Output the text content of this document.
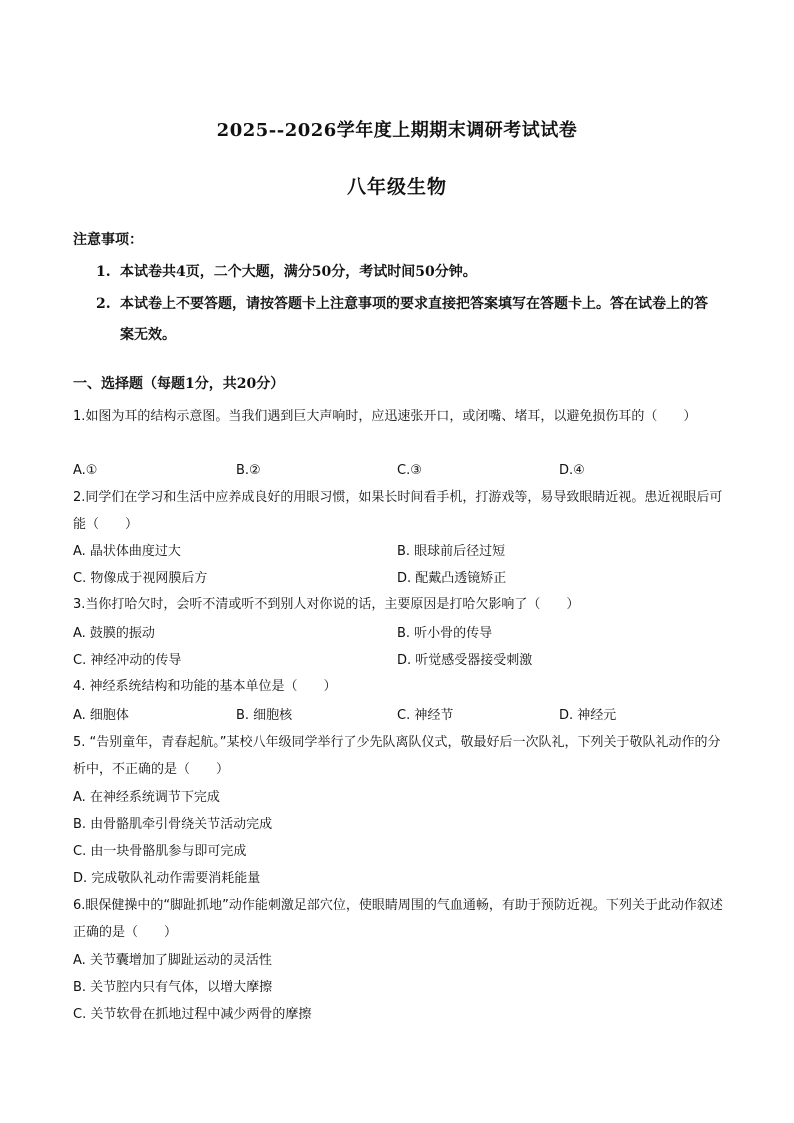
2025--2026学年度上期期末调研考试试卷
八年级生物
注意事项：
1. 本试卷共4页，二个大题，满分50分，考试时间50分钟。
2. 本试卷上不要答题，请按答题卡上注意事项的要求直接把答案填写在答题卡上。答在试卷上的答案无效。
一、选择题（每题1分，共20分）
1.如图为耳的结构示意图。当我们遇到巨大声响时，应迅速张开口，或闭嘴、堵耳，以避免损伤耳的（　　）
A.①	B.②	C.③	D.④
2.同学们在学习和生活中应养成良好的用眼习惯，如果长时间看手机，打游戏等，易导致眼睛近视。患近视眼后可能（　　）
A. 晶状体曲度过大	B. 眼球前后径过短
C. 物像成于视网膜后方	D. 配戴凸透镜矫正
3.当你打哈欠时，会听不清或听不到别人对你说的话，主要原因是打哈欠影响了（　　）
A. 鼓膜的振动	B. 听小骨的传导
C. 神经冲动的传导	D. 听觉感受器接受刺激
4. 神经系统结构和功能的基本单位是（　　）
A. 细胞体	B. 细胞核	C. 神经节	D. 神经元
5. “告别童年，青春起航。”某校八年级同学举行了少先队离队仪式，敬最好后一次队礼，下列关于敬队礼动作的分析中，不正确的是（　　）
A. 在神经系统调节下完成
B. 由骨骼肌牵引骨绕关节活动完成
C. 由一块骨骼肌参与即可完成
D. 完成敬队礼动作需要消耗能量
6.眼保健操中的“脚趾抓地”动作能刺激足部穴位，使眼睛周围的气血通畅，有助于预防近视。下列关于此动作叙述正确的是（　　）
A. 关节囊增加了脚趾运动的灵活性
B. 关节腔内只有气体，以增大摩擦
C. 关节软骨在抓地过程中减少两骨的摩擦
